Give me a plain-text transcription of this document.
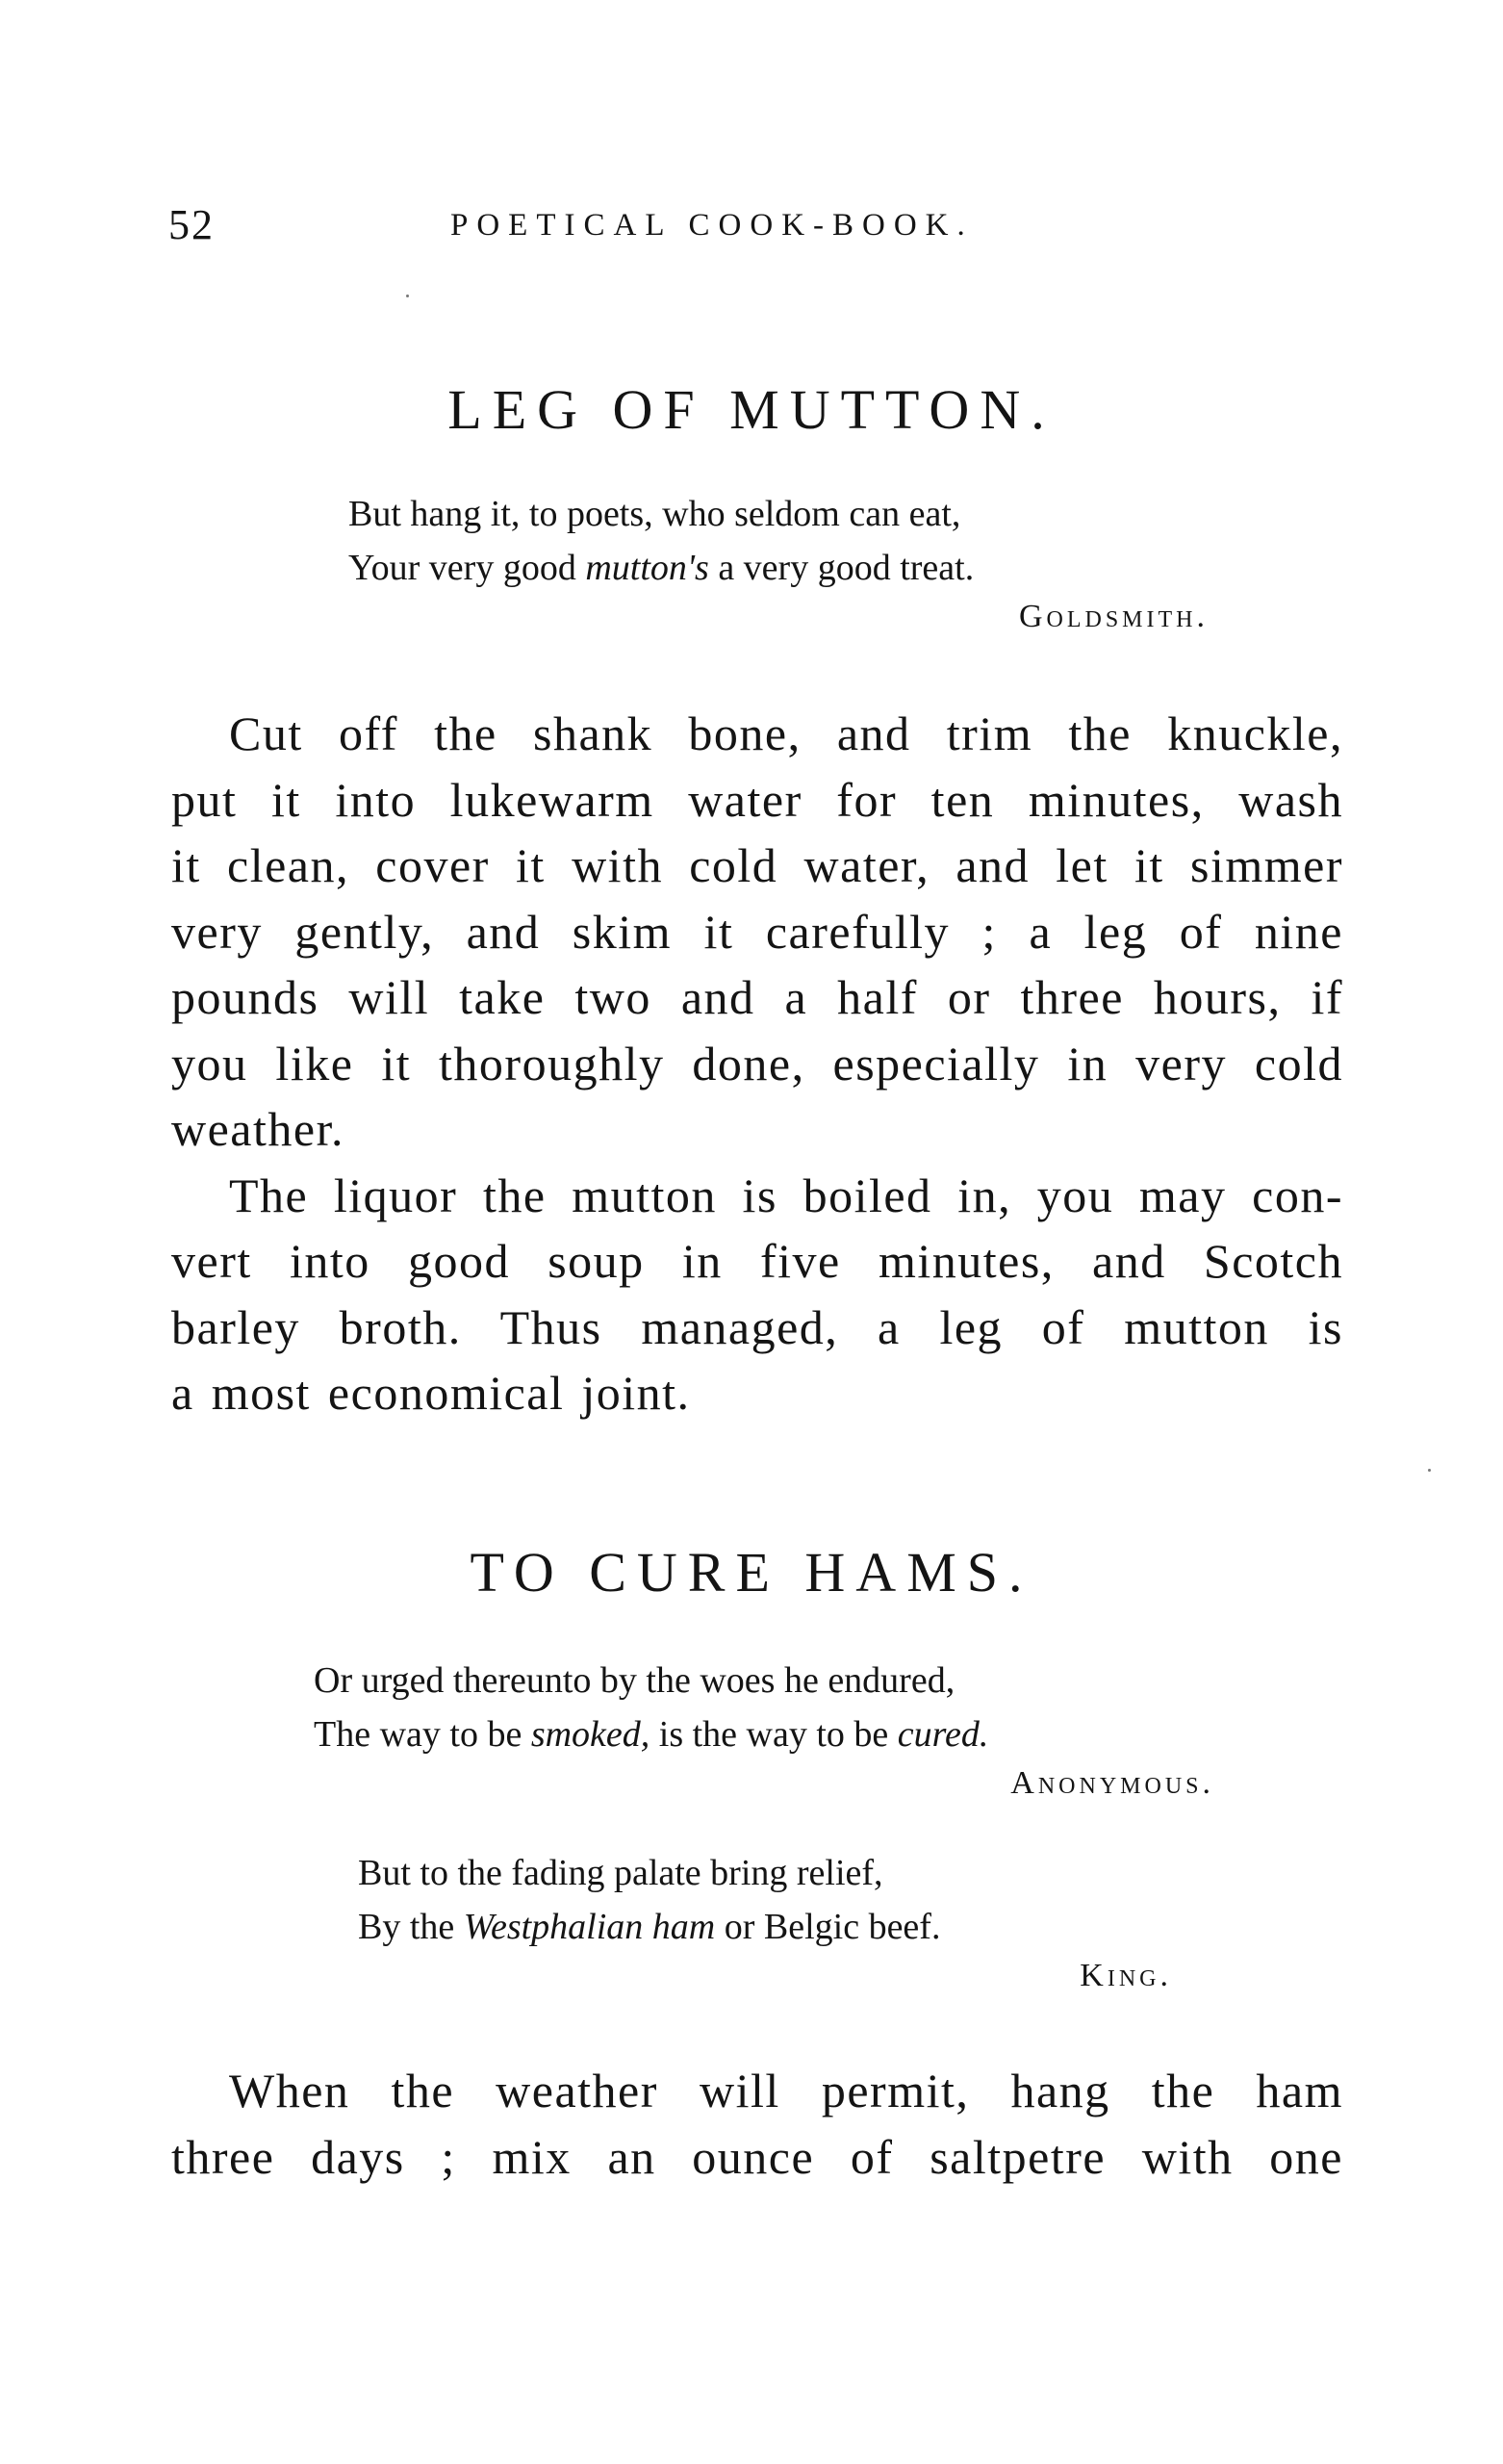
52	POETICAL COOK-BOOK.
LEG OF MUTTON.
But hang it, to poets, who seldom can eat,
Your very good mutton's a very good treat.
Goldsmith.
Cut off the shank bone, and trim the knuckle,
put it into lukewarm water for ten minutes, wash
it clean, cover it with cold water, and let it simmer
very gently, and skim it carefully ; a leg of nine
pounds will take two and a half or three hours, if
you like it thoroughly done, especially in very cold
weather.
The liquor the mutton is boiled in, you may con-
vert into good soup in five minutes, and Scotch
barley broth. Thus managed, a leg of mutton is
a most economical joint.
TO CURE HAMS.
Or urged thereunto by the woes he endured,
The way to be smoked, is the way to be cured.
Anonymous.
But to the fading palate bring relief,
By the Westphalian ham or Belgic beef.
King.
When the weather will permit, hang the ham
three days ; mix an ounce of saltpetre with one
